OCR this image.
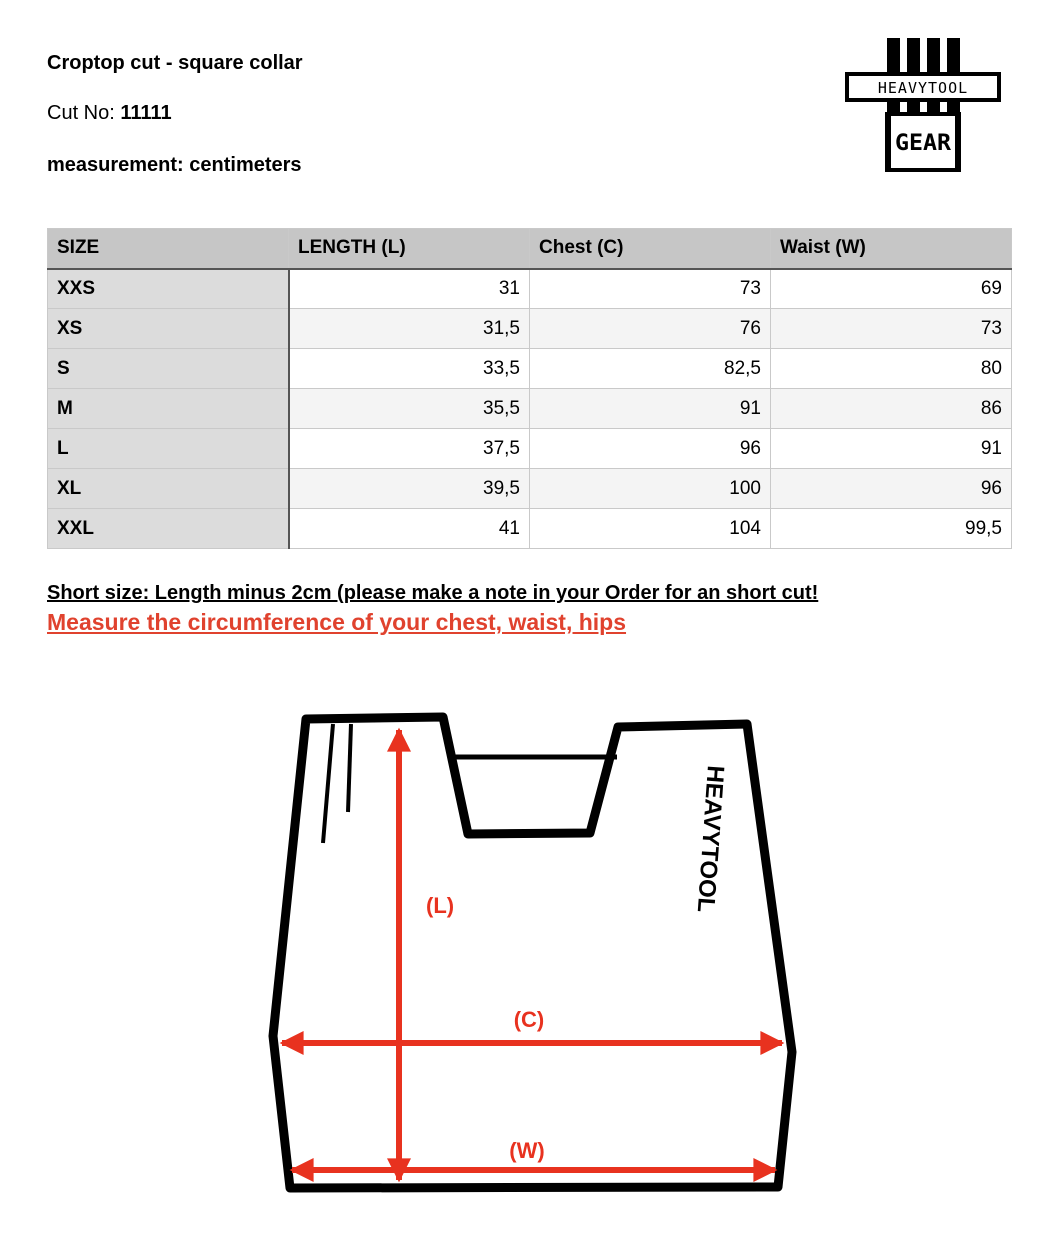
Croptop cut - square collar
Cut No: 11111
measurement: centimeters
HEAVYTOOL
GEAR
SIZE	LENGTH (L)	Chest (C)	Waist (W)
XXS	31	73	69
XS	31,5	76	73
S	33,5	82,5	80
M	35,5	91	86
L	37,5	96	91
XL	39,5	100	96
XXL	41	104	99,5
Short size: Length minus 2cm (please make a note in your Order for an short cut!
Measure the circumference of your chest, waist, hips
(L)
(C)
(W)
HEAVYTOOL
